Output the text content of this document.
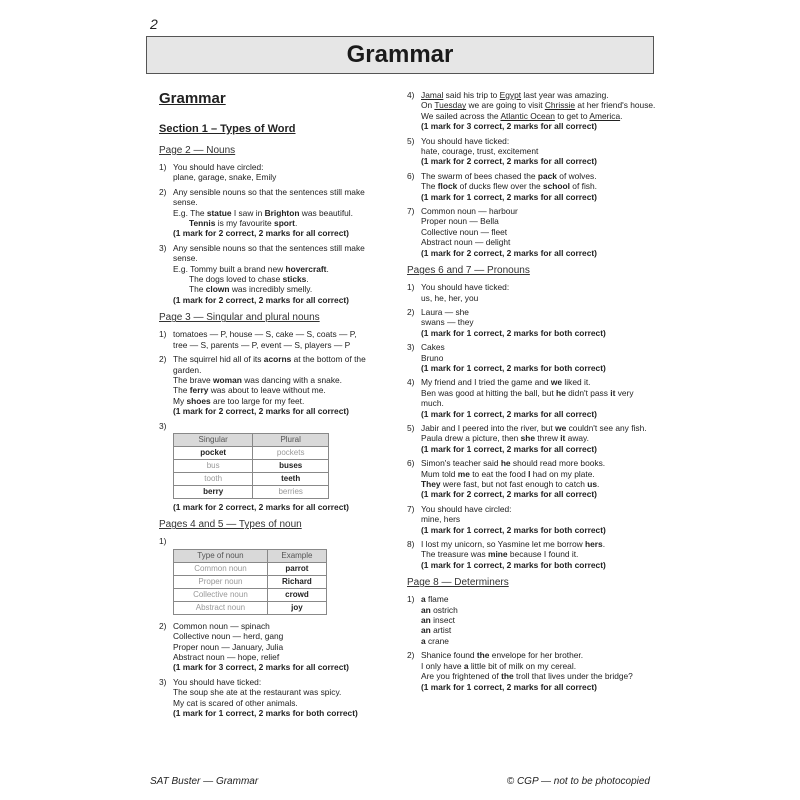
2
Grammar
Grammar
Section 1 – Types of Word
Page 2 — Nouns
1) You should have circled:
plane, garage, snake, Emily
2) Any sensible nouns so that the sentences still make sense.
E.g. The statue I saw in Brighton was beautiful.
Tennis is my favourite sport.
(1 mark for 2 correct, 2 marks for all correct)
3) Any sensible nouns so that the sentences still make sense.
E.g. Tommy built a brand new hovercraft.
The dogs loved to chase sticks.
The clown was incredibly smelly.
(1 mark for 2 correct, 2 marks for all correct)
Page 3 — Singular and plural nouns
1) tomatoes — P, house — S, cake — S, coats — P,
tree — S, parents — P, event — S, players — P
2) The squirrel hid all of its acorns at the bottom of the garden.
The brave woman was dancing with a snake.
The ferry was about to leave without me.
My shoes are too large for my feet.
(1 mark for 2 correct, 2 marks for all correct)
3)
Singular	Plural
pocket	pockets
bus	buses
tooth	teeth
berry	berries
(1 mark for 2 correct, 2 marks for all correct)
Pages 4 and 5 — Types of noun
1)
Type of noun	Example
Common noun	parrot
Proper noun	Richard
Collective noun	crowd
Abstract noun	joy
2) Common noun — spinach
Collective noun — herd, gang
Proper noun — January, Julia
Abstract noun — hope, relief
(1 mark for 3 correct, 2 marks for all correct)
3) You should have ticked:
The soup she ate at the restaurant was spicy.
My cat is scared of other animals.
(1 mark for 1 correct, 2 marks for both correct)
4) Jamal said his trip to Egypt last year was amazing.
On Tuesday we are going to visit Chrissie at her friend's house.
We sailed across the Atlantic Ocean to get to America.
(1 mark for 3 correct, 2 marks for all correct)
5) You should have ticked:
hate, courage, trust, excitement
(1 mark for 2 correct, 2 marks for all correct)
6) The swarm of bees chased the pack of wolves.
The flock of ducks flew over the school of fish.
(1 mark for 1 correct, 2 marks for all correct)
7) Common noun — harbour
Proper noun — Bella
Collective noun — fleet
Abstract noun — delight
(1 mark for 2 correct, 2 marks for all correct)
Pages 6 and 7 — Pronouns
1) You should have ticked:
us, he, her, you
2) Laura — she
swans — they
(1 mark for 1 correct, 2 marks for both correct)
3) Cakes
Bruno
(1 mark for 1 correct, 2 marks for both correct)
4) My friend and I tried the game and we liked it.
Ben was good at hitting the ball, but he didn't pass it very much.
(1 mark for 1 correct, 2 marks for all correct)
5) Jabir and I peered into the river, but we couldn't see any fish.
Paula drew a picture, then she threw it away.
(1 mark for 1 correct, 2 marks for all correct)
6) Simon's teacher said he should read more books.
Mum told me to eat the food I had on my plate.
They were fast, but not fast enough to catch us.
(1 mark for 2 correct, 2 marks for all correct)
7) You should have circled:
mine, hers
(1 mark for 1 correct, 2 marks for both correct)
8) I lost my unicorn, so Yasmine let me borrow hers.
The treasure was mine because I found it.
(1 mark for 1 correct, 2 marks for both correct)
Page 8 — Determiners
1) a flame
an ostrich
an insect
an artist
a crane
2) Shanice found the envelope for her brother.
I only have a little bit of milk on my cereal.
Are you frightened of the troll that lives under the bridge?
(1 mark for 1 correct, 2 marks for all correct)
SAT Buster — Grammar	© CGP — not to be photocopied
